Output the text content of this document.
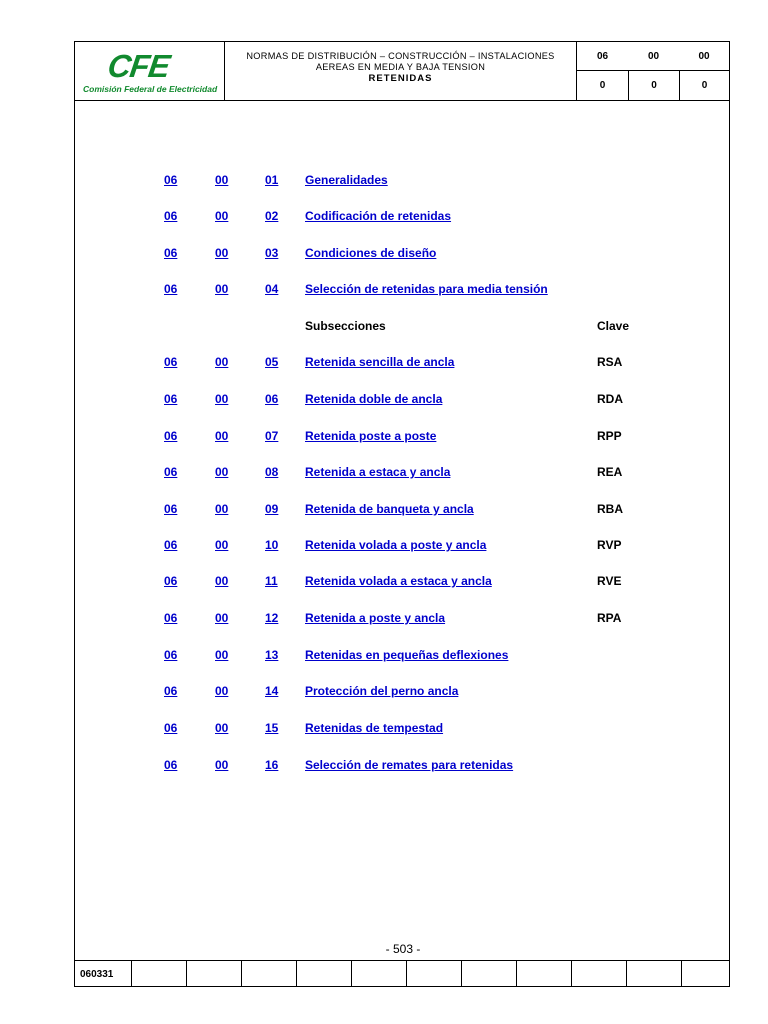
CFE
Comisión Federal de Electricidad
NORMAS DE DISTRIBUCIÓN – CONSTRUCCIÓN – INSTALACIONES
AEREAS EN MEDIA Y BAJA TENSION
RETENIDAS
06	00	00
0	0	0
06	00	01 Generalidades
06	00	02 Codificación de retenidas
06	00	03 Condiciones de diseño
06	00	04 Selección de retenidas para media tensión
Subsecciones	Clave
06	00	05 Retenida sencilla de ancla	RSA
06	00	06 Retenida doble de ancla	RDA
06	00	07 Retenida poste a poste	RPP
06	00	08 Retenida a estaca y ancla	REA
06	00	09 Retenida de banqueta y ancla	RBA
06	00	10 Retenida volada a poste y ancla	RVP
06	00	11 Retenida volada a estaca y ancla	RVE
06	00	12 Retenida a poste y ancla	RPA
06	00	13 Retenidas en pequeñas deflexiones
06	00	14 Protección del perno ancla
06	00	15 Retenidas de tempestad
06	00	16 Selección de remates para retenidas
- 503 -
060331
